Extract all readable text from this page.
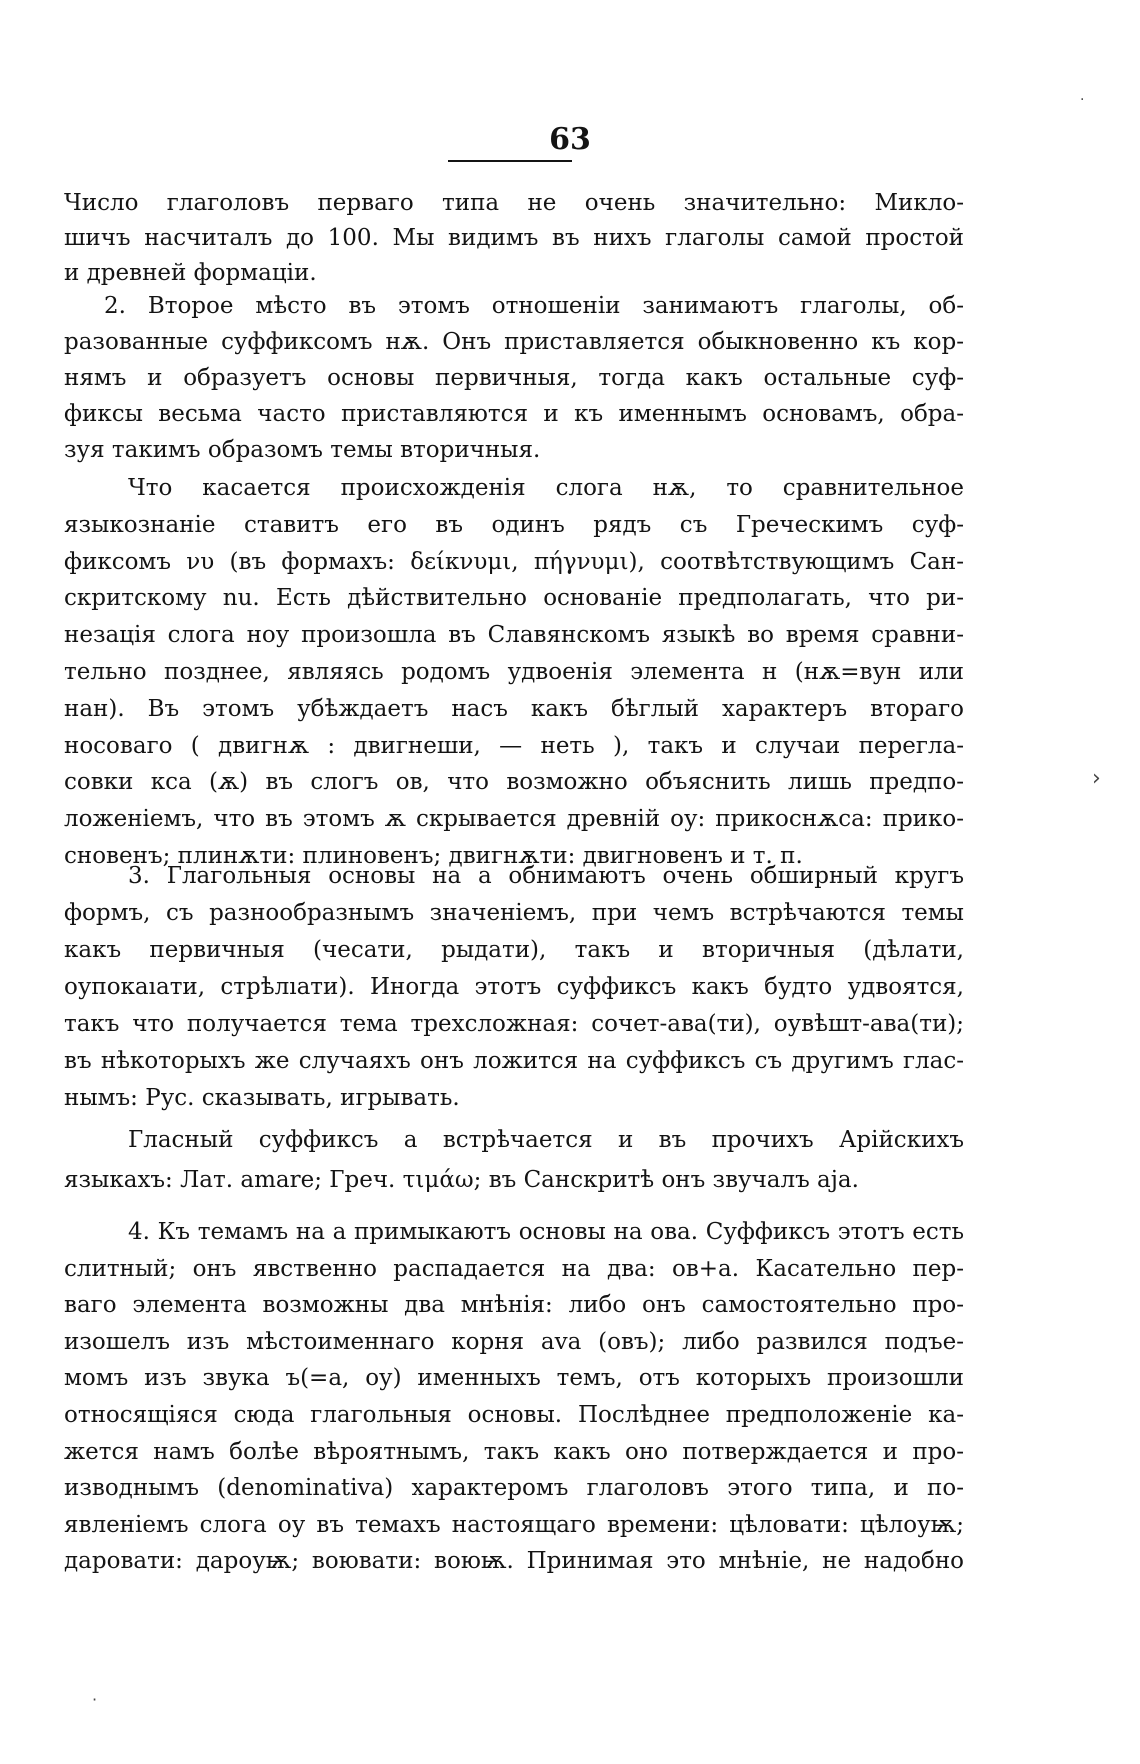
63
·
›
·
Число глаголовъ перваго типа не очень значительно: Микло-
шичъ насчиталъ до 100. Мы видимъ въ нихъ глаголы самой простой
и древней формаціи.
2. Второе мѣсто въ этомъ отношеніи занимаютъ глаголы, об-
разованные суффиксомъ нѫ. Онъ приставляется обыкновенно къ кор-
нямъ и образуетъ основы первичныя, тогда какъ остальные суф-
фиксы весьма часто приставляются и къ именнымъ основамъ, обра-
зуя такимъ образомъ темы вторичныя.
Что касается происхожденія слога нѫ, то сравнительное
языкознаніе ставитъ его въ одинъ рядъ съ Греческимъ суф-
фиксомъ νυ (въ формахъ: δείκνυμι, πήγνυμι), соотвѣтствующимъ Сан-
скритскому nu. Есть дѣйствительно основаніе предполагать, что ри-
незація слога ноу произошла въ Славянскомъ языкѣ во время сравни-
тельно позднее, являясь родомъ удвоенія элемента н (нѫ=вун или
нан). Въ этомъ убѣждаетъ насъ какъ бѣглый характеръ втораго
носоваго ( двигнѫ : двигнеши, — неть ), такъ и случаи перегла-
совки кса (ѫ) въ слогъ ов, что возможно объяснить лишь предпо-
ложеніемъ, что въ этомъ ѫ скрывается древній оу: прикоснѫса: прико-
сновенъ; плинѫти: плиновенъ; двигнѫти: двигновенъ и т. п.
3. Глагольныя основы на а обнимаютъ очень обширный кругъ
формъ, съ разнообразнымъ значеніемъ, при чемъ встрѣчаются темы
какъ первичныя (чесати, рыдати), такъ и вторичныя (дѣлати,
оупокаıати, стрѣлıати). Иногда этотъ суффиксъ какъ будто удвоятся,
такъ что получается тема трехсложная: сочет-ава(ти), оувѣшт-ава(ти);
въ нѣкоторыхъ же случаяхъ онъ ложится на суффиксъ съ другимъ глас-
нымъ: Рус. сказывать, игрывать.
Гласный суффиксъ а встрѣчается и въ прочихъ Арійскихъ
языкахъ: Лат. amare; Греч. τιμάω; въ Санскритѣ онъ звучалъ aja.
4. Къ темамъ на а примыкаютъ основы на ова. Суффиксъ этотъ есть
слитный; онъ явственно распадается на два: ов+а. Касательно пер-
ваго элемента возможны два мнѣнія: либо онъ самостоятельно про-
изошелъ изъ мѣстоименнаго корня ava (овъ); либо развился подъе-
момъ изъ звука ъ(=а, оу) именныхъ темъ, отъ которыхъ произошли
относящіяся сюда глагольныя основы. Послѣднее предположеніе ка-
жется намъ болѣе вѣроятнымъ, такъ какъ оно потверждается и про-
изводнымъ (denominativa) характеромъ глаголовъ этого типа, и по-
явленіемъ слога оу въ темахъ настоящаго времени: цѣловати: цѣлоуѭ;
даровати: дароуѭ; воювати: воюѭ. Принимая это мнѣніе, не надобно
